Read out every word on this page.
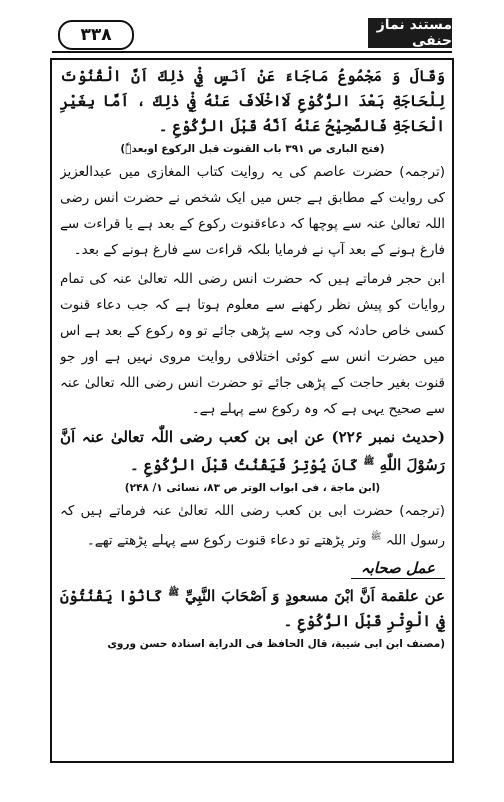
۳۳۸	مستند نماز حنفی

وَقَالَ وَ مَجْمُوعُ مَاجَاءَ عَنْ اَنَسٍ فِيْ ذٰلِكَ اَنَّ الْقُنُوْتَ لِلْحَاجَةِ بَعْدَ الرُّكُوْعِ لَااخْلَافَ عَنْهُ فِيْ ذٰلِكَ ، اَمَّا بِغَيْرِ الْحَاجَةِ فَالصَّحِيْحُ عَنْهُ اَنَّهُ قَبْلَ الرُّكُوْعِ ۔

(فتح الباری ص ۳۹۱ باب القنوت قبل الرکوع اوبعدہٗ)

(ترجمہ) حضرت عاصم کی یہ روایت کتاب المغازی میں عبدالعزیز کی روایت کے مطابق ہے جس میں ایک شخص نے حضرت انس رضی اللہ تعالیٰ عنہ سے پوچھا کہ دعاءقنوت رکوع کے بعد ہے یا قراءت سے فارغ ہونے کے بعد آپ نے فرمایا بلکہ قراءت سے فارغ ہونے کے بعد۔

ابن حجر فرماتے ہیں کہ حضرت انس رضی اللہ تعالیٰ عنہ کی تمام روایات کو پیش نظر رکھنے سے معلوم ہوتا ہے کہ جب دعاء قنوت کسی خاص حادثہ کی وجہ سے پڑھی جائے تو وہ رکوع کے بعد ہے اس میں حضرت انس سے کوئی اختلافی روایت مروی نہیں ہے اور جو قنوت بغیر حاجت کے پڑھی جائے تو حضرت انس رضی اللہ تعالیٰ عنہ سے صحیح یہی ہے کہ وہ رکوع سے پہلے ہے۔

(حدیث نمبر ۲۲۶) عن ابی بن کعب رضی اللّٰہ تعالیٰ عنہ اَنَّ رَسُوْلَ اللّٰهِ $^ﷺ$ كَانَ يُوْتِرُ فَيَقْنُتُ قَبْلَ الرُّكُوْعِ ۔

(ابن ماجة ، فی ابواب الوتر ص ۸۳، نسائی ۱/ ۲۴۸)

(ترجمہ) حضرت ابی بن کعب رضی اللہ تعالیٰ عنہ فرماتے ہیں کہ رسول اللہ $^ﷺ$ وتر پڑھتے تو دعاء قنوت رکوع سے پہلے پڑھتے تھے۔

عمل صحابہ

عن علقمة اَنَّ ابْنَ مسعودٍ وَ اَصْحَابَ النَّبِيِّ $^ﷺ$ كَانُوْا يَقْنُتُوْنَ فِي الْوِتْرِ قَبْلَ الرُّكُوْعِ ۔

(مصنف ابن ابی شیبة، قال الحافظ فی الدرایة اسنادہ حسن وروی
